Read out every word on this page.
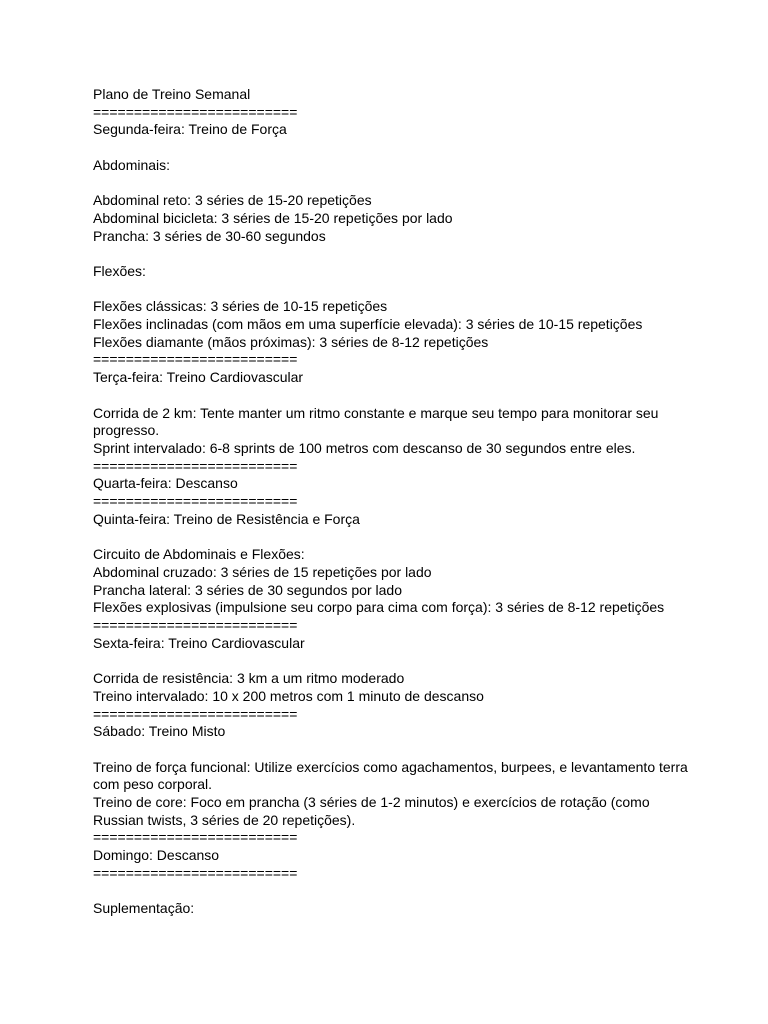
Plano de Treino Semanal
=========================
Segunda-feira: Treino de Força
Abdominais:
Abdominal reto: 3 séries de 15-20 repetições
Abdominal bicicleta: 3 séries de 15-20 repetições por lado
Prancha: 3 séries de 30-60 segundos
Flexões:
Flexões clássicas: 3 séries de 10-15 repetições
Flexões inclinadas (com mãos em uma superfície elevada): 3 séries de 10-15 repetições
Flexões diamante (mãos próximas): 3 séries de 8-12 repetições
=========================
Terça-feira: Treino Cardiovascular
Corrida de 2 km: Tente manter um ritmo constante e marque seu tempo para monitorar seu progresso.
Sprint intervalado: 6-8 sprints de 100 metros com descanso de 30 segundos entre eles.
=========================
Quarta-feira: Descanso
=========================
Quinta-feira: Treino de Resistência e Força
Circuito de Abdominais e Flexões:
Abdominal cruzado: 3 séries de 15 repetições por lado
Prancha lateral: 3 séries de 30 segundos por lado
Flexões explosivas (impulsione seu corpo para cima com força): 3 séries de 8-12 repetições
=========================
Sexta-feira: Treino Cardiovascular
Corrida de resistência: 3 km a um ritmo moderado
Treino intervalado: 10 x 200 metros com 1 minuto de descanso
=========================
Sábado: Treino Misto
Treino de força funcional: Utilize exercícios como agachamentos, burpees, e levantamento terra com peso corporal.
Treino de core: Foco em prancha (3 séries de 1-2 minutos) e exercícios de rotação (como Russian twists, 3 séries de 20 repetições).
=========================
Domingo: Descanso
=========================
Suplementação:
